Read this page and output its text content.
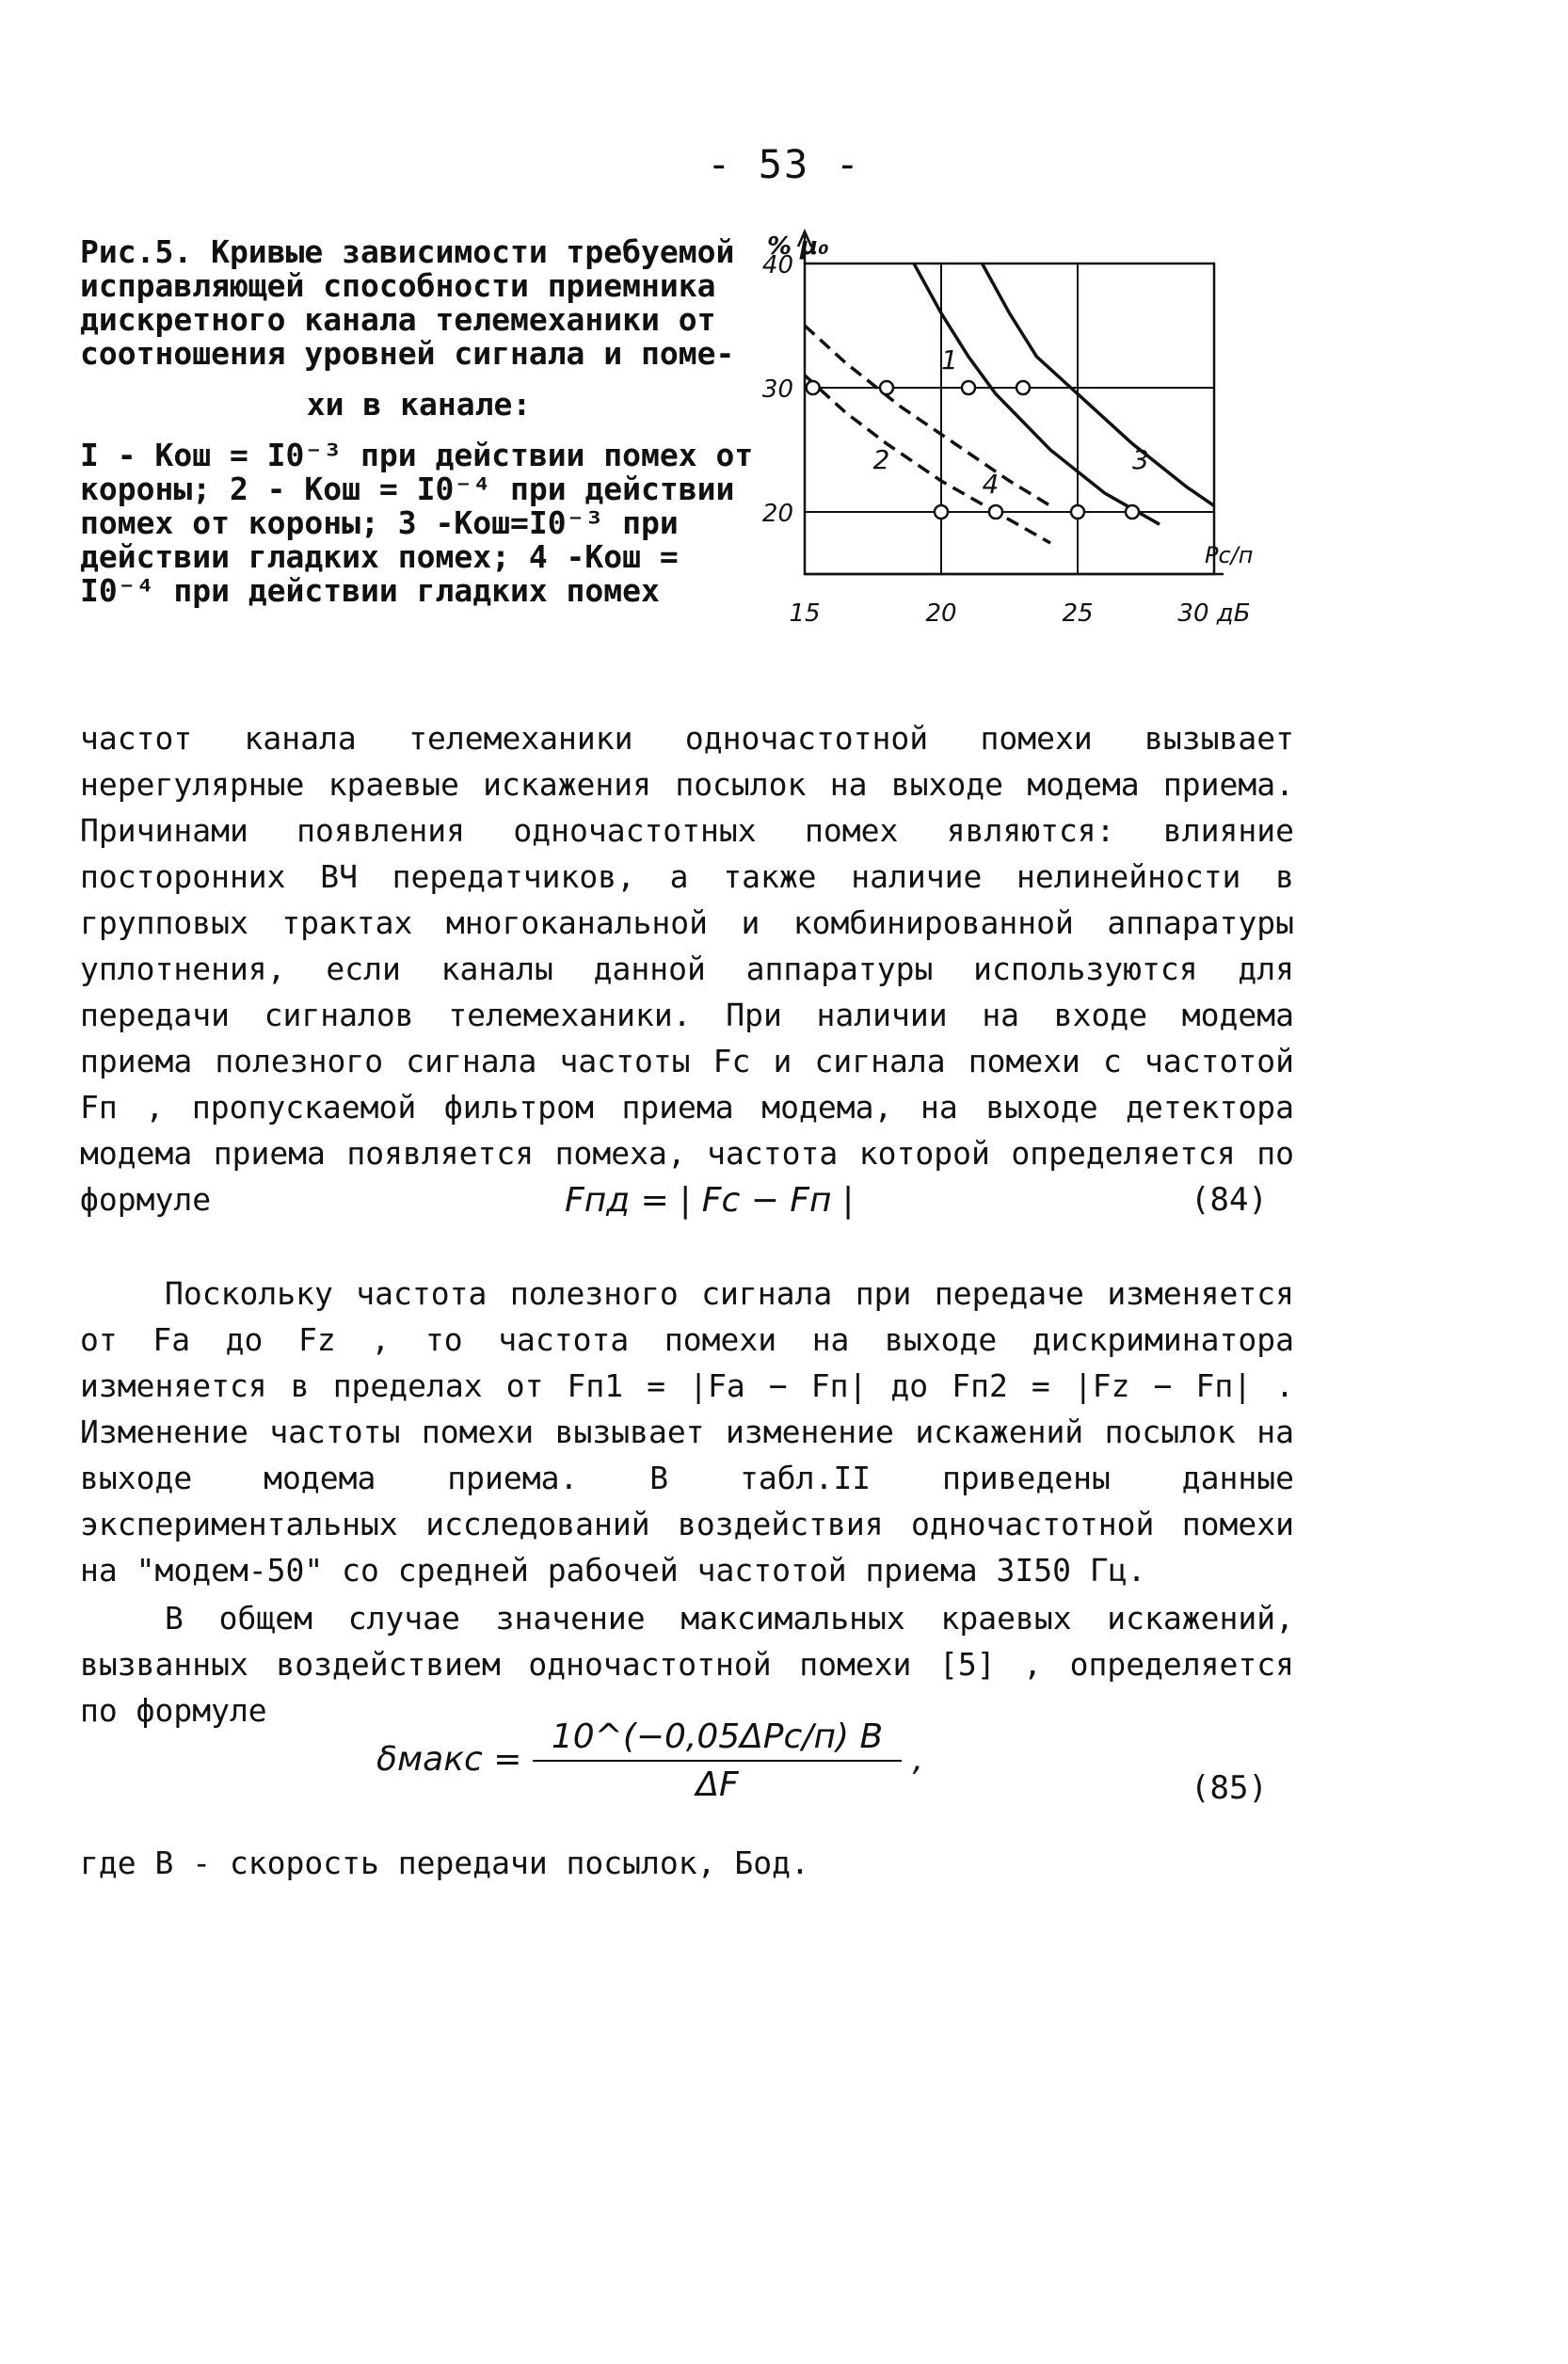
- 53 -

Рис.5. Кривые зависимости требуемой исправляющей способности приемника дискретного канала телемеханики от соотношения уровней сигнала и поме-

хи в канале:

I - Kош = I0⁻³ при действии помех от короны; 2 - Kош = I0⁻⁴ при действии помех от короны; 3 -Kош=I0⁻³ при действии гладких помех; 4 -Kош = I0⁻⁴ при действии гладких помех

1
2	3
4
20
30
40
15	20	25	30 дБ
% μ₀
Pc/п

частот канала телемеханики одночастотной помехи вызывает нерегулярные краевые искажения посылок на выходе модема приема. Причинами появления одночастотных помех являются: влияние посторонних ВЧ передатчиков, а также наличие нелинейности в групповых трактах многоканальной и комбинированной аппаратуры уплотнения, если каналы данной аппаратуры используются для передачи сигналов телемеханики. При наличии на входе модема приема полезного сигнала частоты Fc и сигнала помехи с частотой Fп , пропускаемой фильтром приема модема, на выходе детектора модема приема появляется помеха, частота которой определяется по формуле	Fпд = | Fc − Fп |	(84)

Поскольку частота полезного сигнала при передаче изменяется от Fа до Fz , то частота помехи на выходе дискриминатора изменяется в пределах от Fп1 = |Fа − Fп| до Fп2 = |Fz − Fп| . Изменение частоты помехи вызывает изменение искажений посылок на выходе модема приема. В табл.II приведены данные экспериментальных исследований воздействия одночастотной помехи на "модем-50" со средней рабочей частотой приема 3I50 Гц.

В общем случае значение максимальных краевых искажений, вызванных воздействием одночастотной помехи [5] , определяется по формуле

δмакс = $\frac{\text{10\textasciicircum{}(−0,05ΔPc/п) B}}{\Delta F}$ ,
(85)
где B - скорость передачи посылок, Бод.
